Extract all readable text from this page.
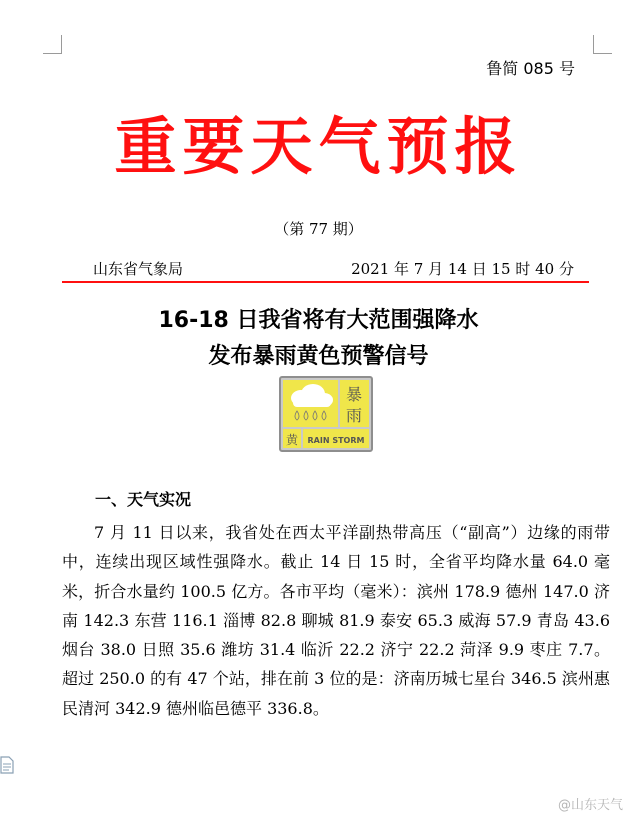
鲁简 085 号
重要天气预报
（第 77 期）
山东省气象局	2021 年 7 月 14 日 15 时 40 分
16-18 日我省将有大范围强降水
发布暴雨黄色预警信号
暴
雨
黄 RAIN STORM
一、天气实况
7 月 11 日以来，我省处在西太平洋副热带高压（“副高”）边缘的雨带中，连续出现区域性强降水。截止 14 日 15 时，全省平均降水量 64.0 毫米，折合水量约 100.5 亿方。各市平均（毫米）：滨州 178.9 德州 147.0 济南 142.3 东营 116.1 淄博 82.8 聊城 81.9 泰安 65.3 威海 57.9 青岛 43.6 烟台 38.0 日照 35.6 潍坊 31.4 临沂 22.2 济宁 22.2 菏泽 9.9 枣庄 7.7。超过 250.0 的有 47 个站，排在前 3 位的是：济南历城七星台 346.5 滨州惠民清河 342.9 德州临邑德平 336.8。
@山东天气
